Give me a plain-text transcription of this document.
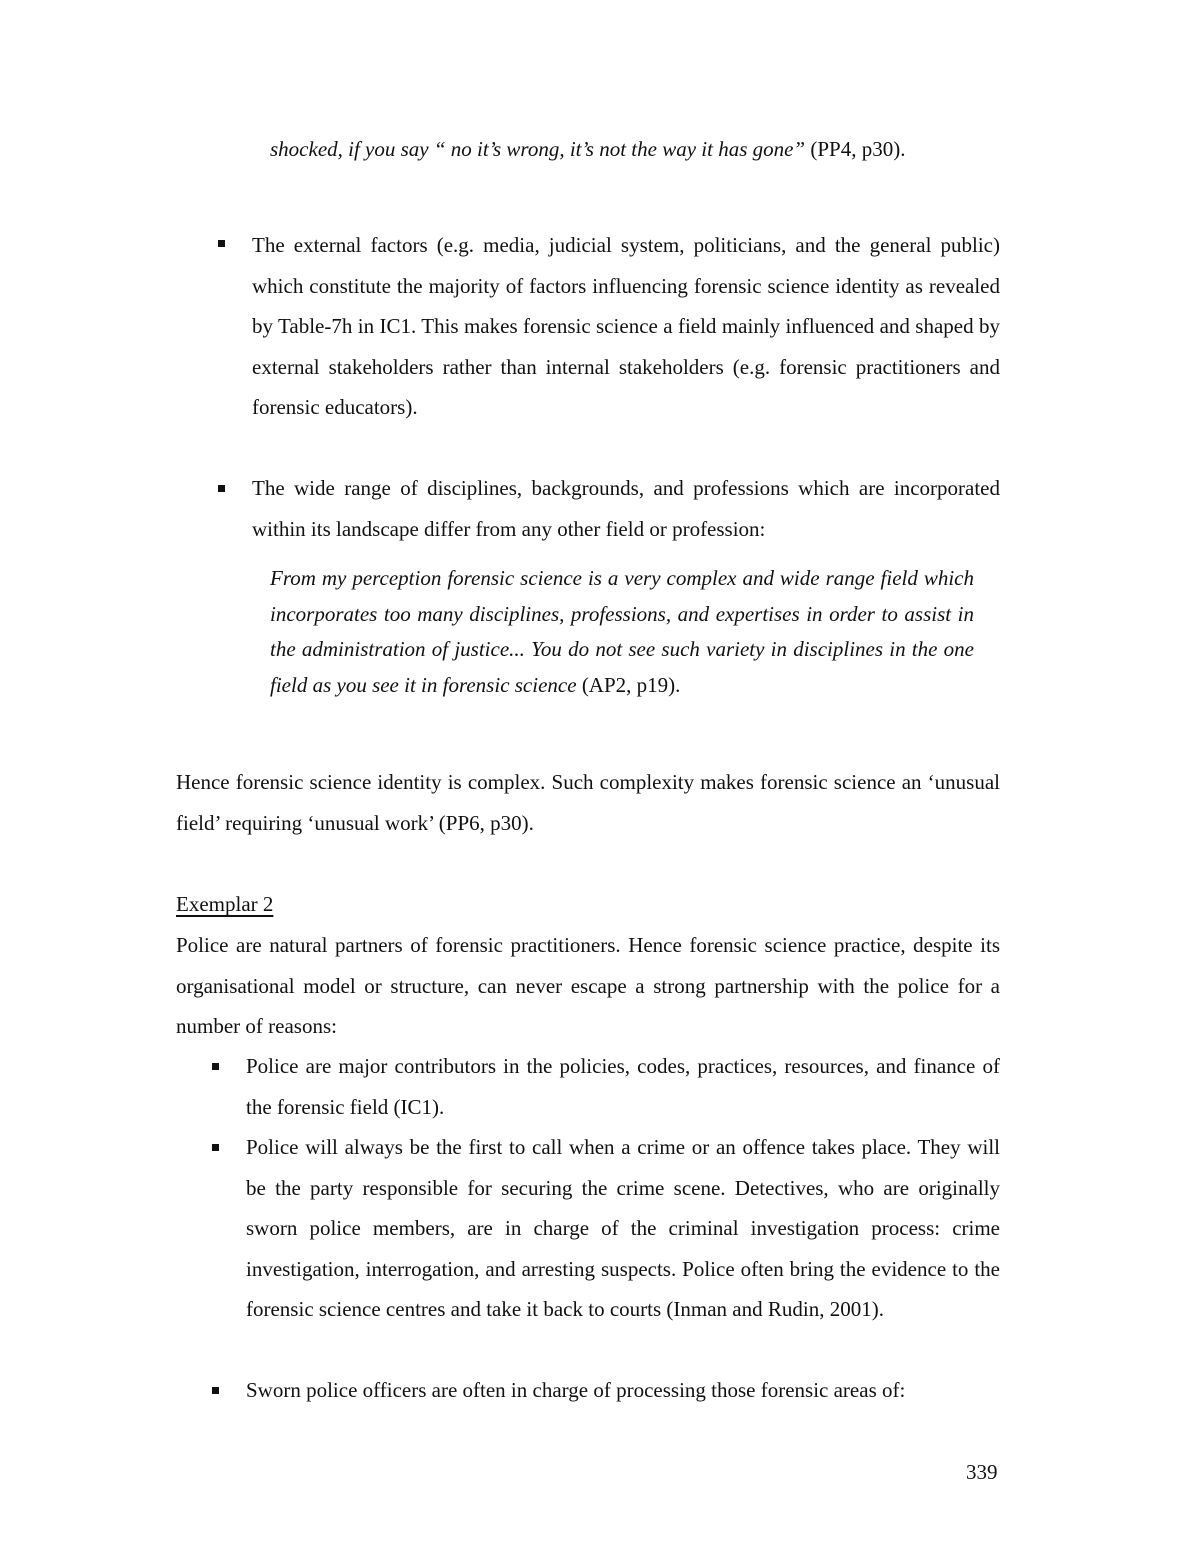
shocked, if you say “ no it’s wrong, it’s not the way it has gone” (PP4, p30).
The external factors (e.g. media, judicial system, politicians, and the general public) which constitute the majority of factors influencing forensic science identity as revealed by Table-7h in IC1. This makes forensic science a field mainly influenced and shaped by external stakeholders rather than internal stakeholders (e.g. forensic practitioners and forensic educators).
The wide range of disciplines, backgrounds, and professions which are incorporated within its landscape differ from any other field or profession:
From my perception forensic science is a very complex and wide range field which incorporates too many disciplines, professions, and expertises in order to assist in the administration of justice... You do not see such variety in disciplines in the one field as you see it in forensic science (AP2, p19).
Hence forensic science identity is complex. Such complexity makes forensic science an ‘unusual field’ requiring ‘unusual work’ (PP6, p30).
Exemplar 2
Police are natural partners of forensic practitioners. Hence forensic science practice, despite its organisational model or structure, can never escape a strong partnership with the police for a number of reasons:
Police are major contributors in the policies, codes, practices, resources, and finance of the forensic field (IC1).
Police will always be the first to call when a crime or an offence takes place. They will be the party responsible for securing the crime scene. Detectives, who are originally sworn police members, are in charge of the criminal investigation process: crime investigation, interrogation, and arresting suspects. Police often bring the evidence to the forensic science centres and take it back to courts (Inman and Rudin, 2001).
Sworn police officers are often in charge of processing those forensic areas of:
339
